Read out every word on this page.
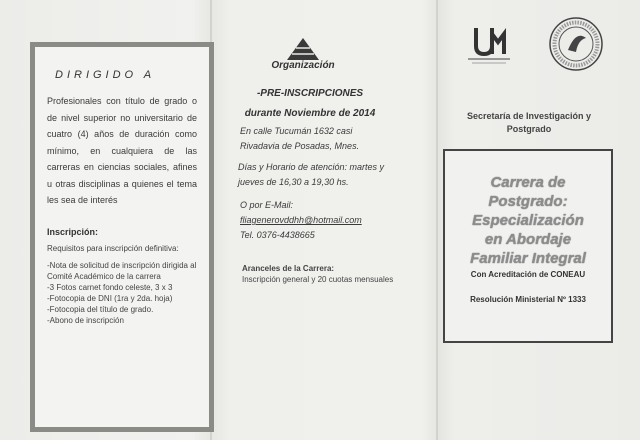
DIRIGIDO A

Profesionales con título de grado o de nivel superior no universitario de cuatro (4) años de duración como mínimo, en cualquiera de las carreras en ciencias sociales, afines u otras disciplinas a quienes el tema les sea de interés

Inscripción:
Requisitos para inscripción definitiva:
-Nota de solicitud de inscripción dirigida al Comité Académico de la carrera
-3 Fotos carnet fondo celeste, 3 x 3
-Fotocopia de DNI (1ra y 2da. hoja)
-Fotocopia del título de grado.
-Abono de inscripción
Organización
-PRE-INSCRIPCIONES durante Noviembre de 2014
En calle Tucumán 1632 casi
Rivadavia de Posadas, Mnes.
Días y Horario de atención: martes y
jueves de 16,30 a 19,30 hs.
O por E-Mail:
fliagenerovddhh@hotmail.com
Tel. 0376-4438665
Aranceles de la Carrera:
Inscripción general y 20 cuotas mensuales
Secretaría de Investigación y
Postgrado
Carrera de
Postgrado:
Especialización
en Abordaje
Familiar Integral
Con Acreditación de CONEAU
Resolución Ministerial Nº 1333
